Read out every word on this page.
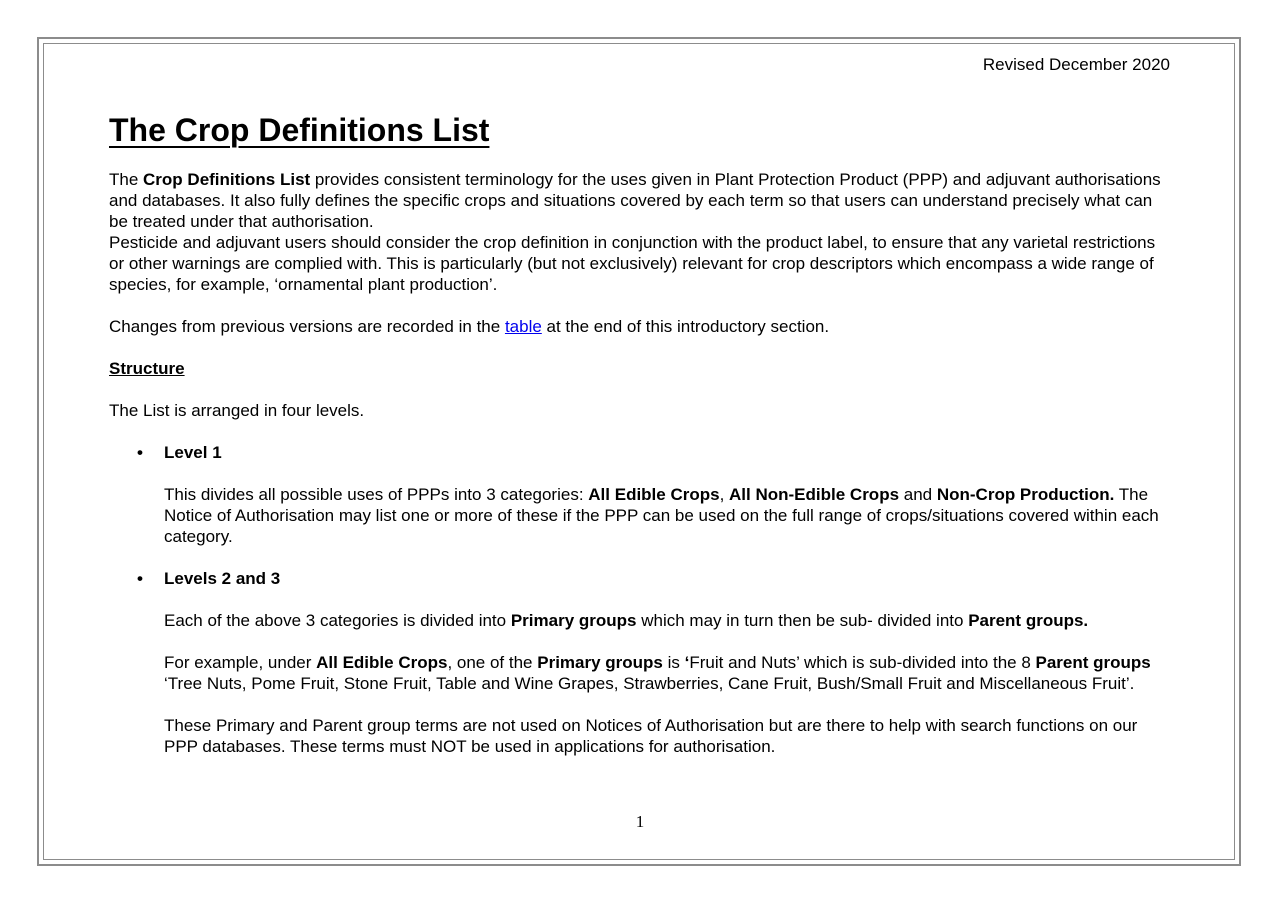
Revised December 2020
The Crop Definitions List

The Crop Definitions List provides consistent terminology for the uses given in Plant Protection Product (PPP) and adjuvant authorisations and databases. It also fully defines the specific crops and situations covered by each term so that users can understand precisely what can be treated under that authorisation.

Pesticide and adjuvant users should consider the crop definition in conjunction with the product label, to ensure that any varietal restrictions or other warnings are complied with. This is particularly (but not exclusively) relevant for crop descriptors which encompass a wide range of species, for example, ‘ornamental plant production’.

Changes from previous versions are recorded in the table at the end of this introductory section.

Structure

The List is arranged in four levels.

• Level 1

This divides all possible uses of PPPs into 3 categories: All Edible Crops, All Non-Edible Crops and Non-Crop Production. The Notice of Authorisation may list one or more of these if the PPP can be used on the full range of crops/situations covered within each category.

• Levels 2 and 3

Each of the above 3 categories is divided into Primary groups which may in turn then be sub- divided into Parent groups.

For example, under All Edible Crops, one of the Primary groups is ‘Fruit and Nuts’ which is sub-divided into the 8 Parent groups ‘Tree Nuts, Pome Fruit, Stone Fruit, Table and Wine Grapes, Strawberries, Cane Fruit, Bush/Small Fruit and Miscellaneous Fruit’.

These Primary and Parent group terms are not used on Notices of Authorisation but are there to help with search functions on our PPP databases. These terms must NOT be used in applications for authorisation.

1
